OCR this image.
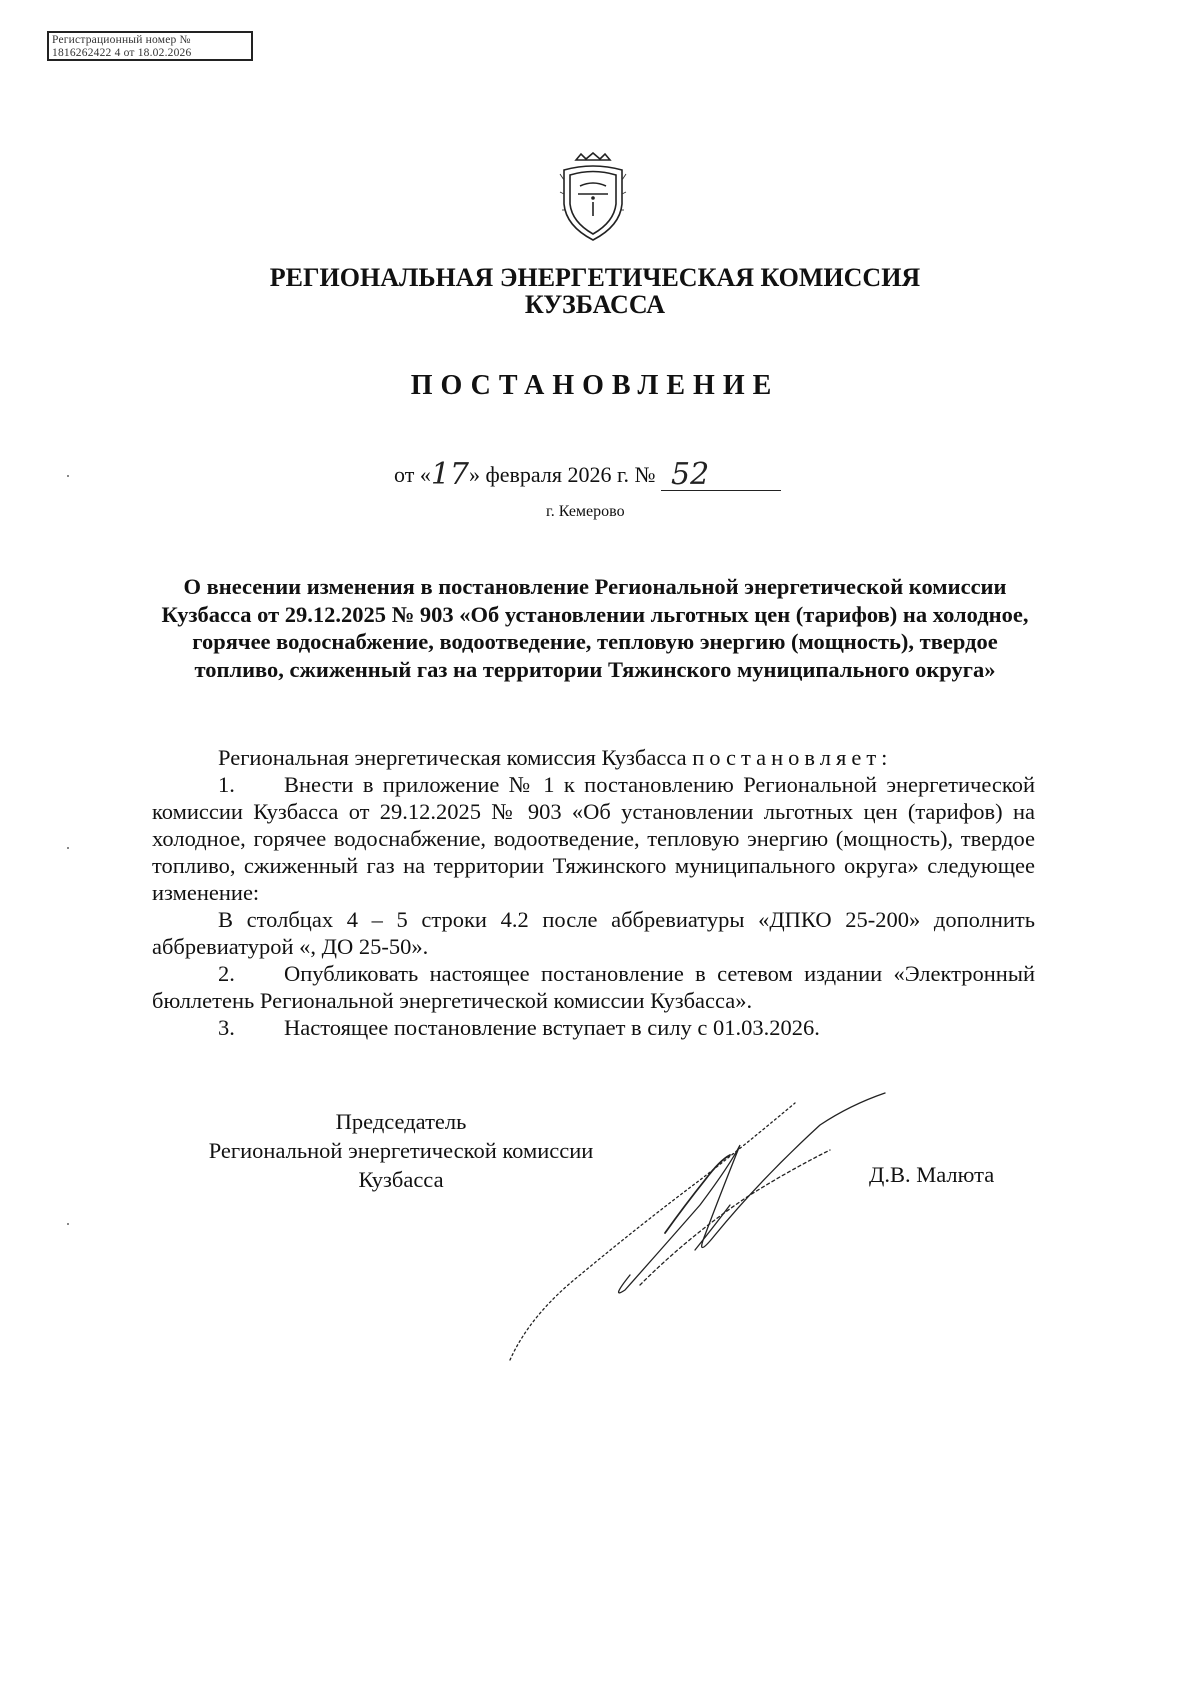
Регистрационный номер №
1816262422 4 от 18.02.2026
РЕГИОНАЛЬНАЯ ЭНЕРГЕТИЧЕСКАЯ КОМИССИЯ
КУЗБАССА
ПОСТАНОВЛЕНИЕ
от «17» февраля 2026 г. № 52
г. Кемерово
О внесении изменения в постановление Региональной энергетической комиссии Кузбасса от 29.12.2025 № 903 «Об установлении льготных цен (тарифов) на холодное, горячее водоснабжение, водоотведение, тепловую энергию (мощность), твердое топливо, сжиженный газ на территории Тяжинского муниципального округа»

Региональная энергетическая комиссия Кузбасса постановляет:

1. Внести в приложение № 1 к постановлению Региональной энергетической комиссии Кузбасса от 29.12.2025 № 903 «Об установлении льготных цен (тарифов) на холодное, горячее водоснабжение, водоотведение, тепловую энергию (мощность), твердое топливо, сжиженный газ на территории Тяжинского муниципального округа» следующее изменение:

В столбцах 4 – 5 строки 4.2 после аббревиатуры «ДПКО 25-200» дополнить аббревиатурой «, ДО 25-50».

2. Опубликовать настоящее постановление в сетевом издании «Электронный бюллетень Региональной энергетической комиссии Кузбасса».

3. Настоящее постановление вступает в силу с 01.03.2026.

Председатель
Региональной энергетической комиссии
Кузбасса	Д.В. Малюта
